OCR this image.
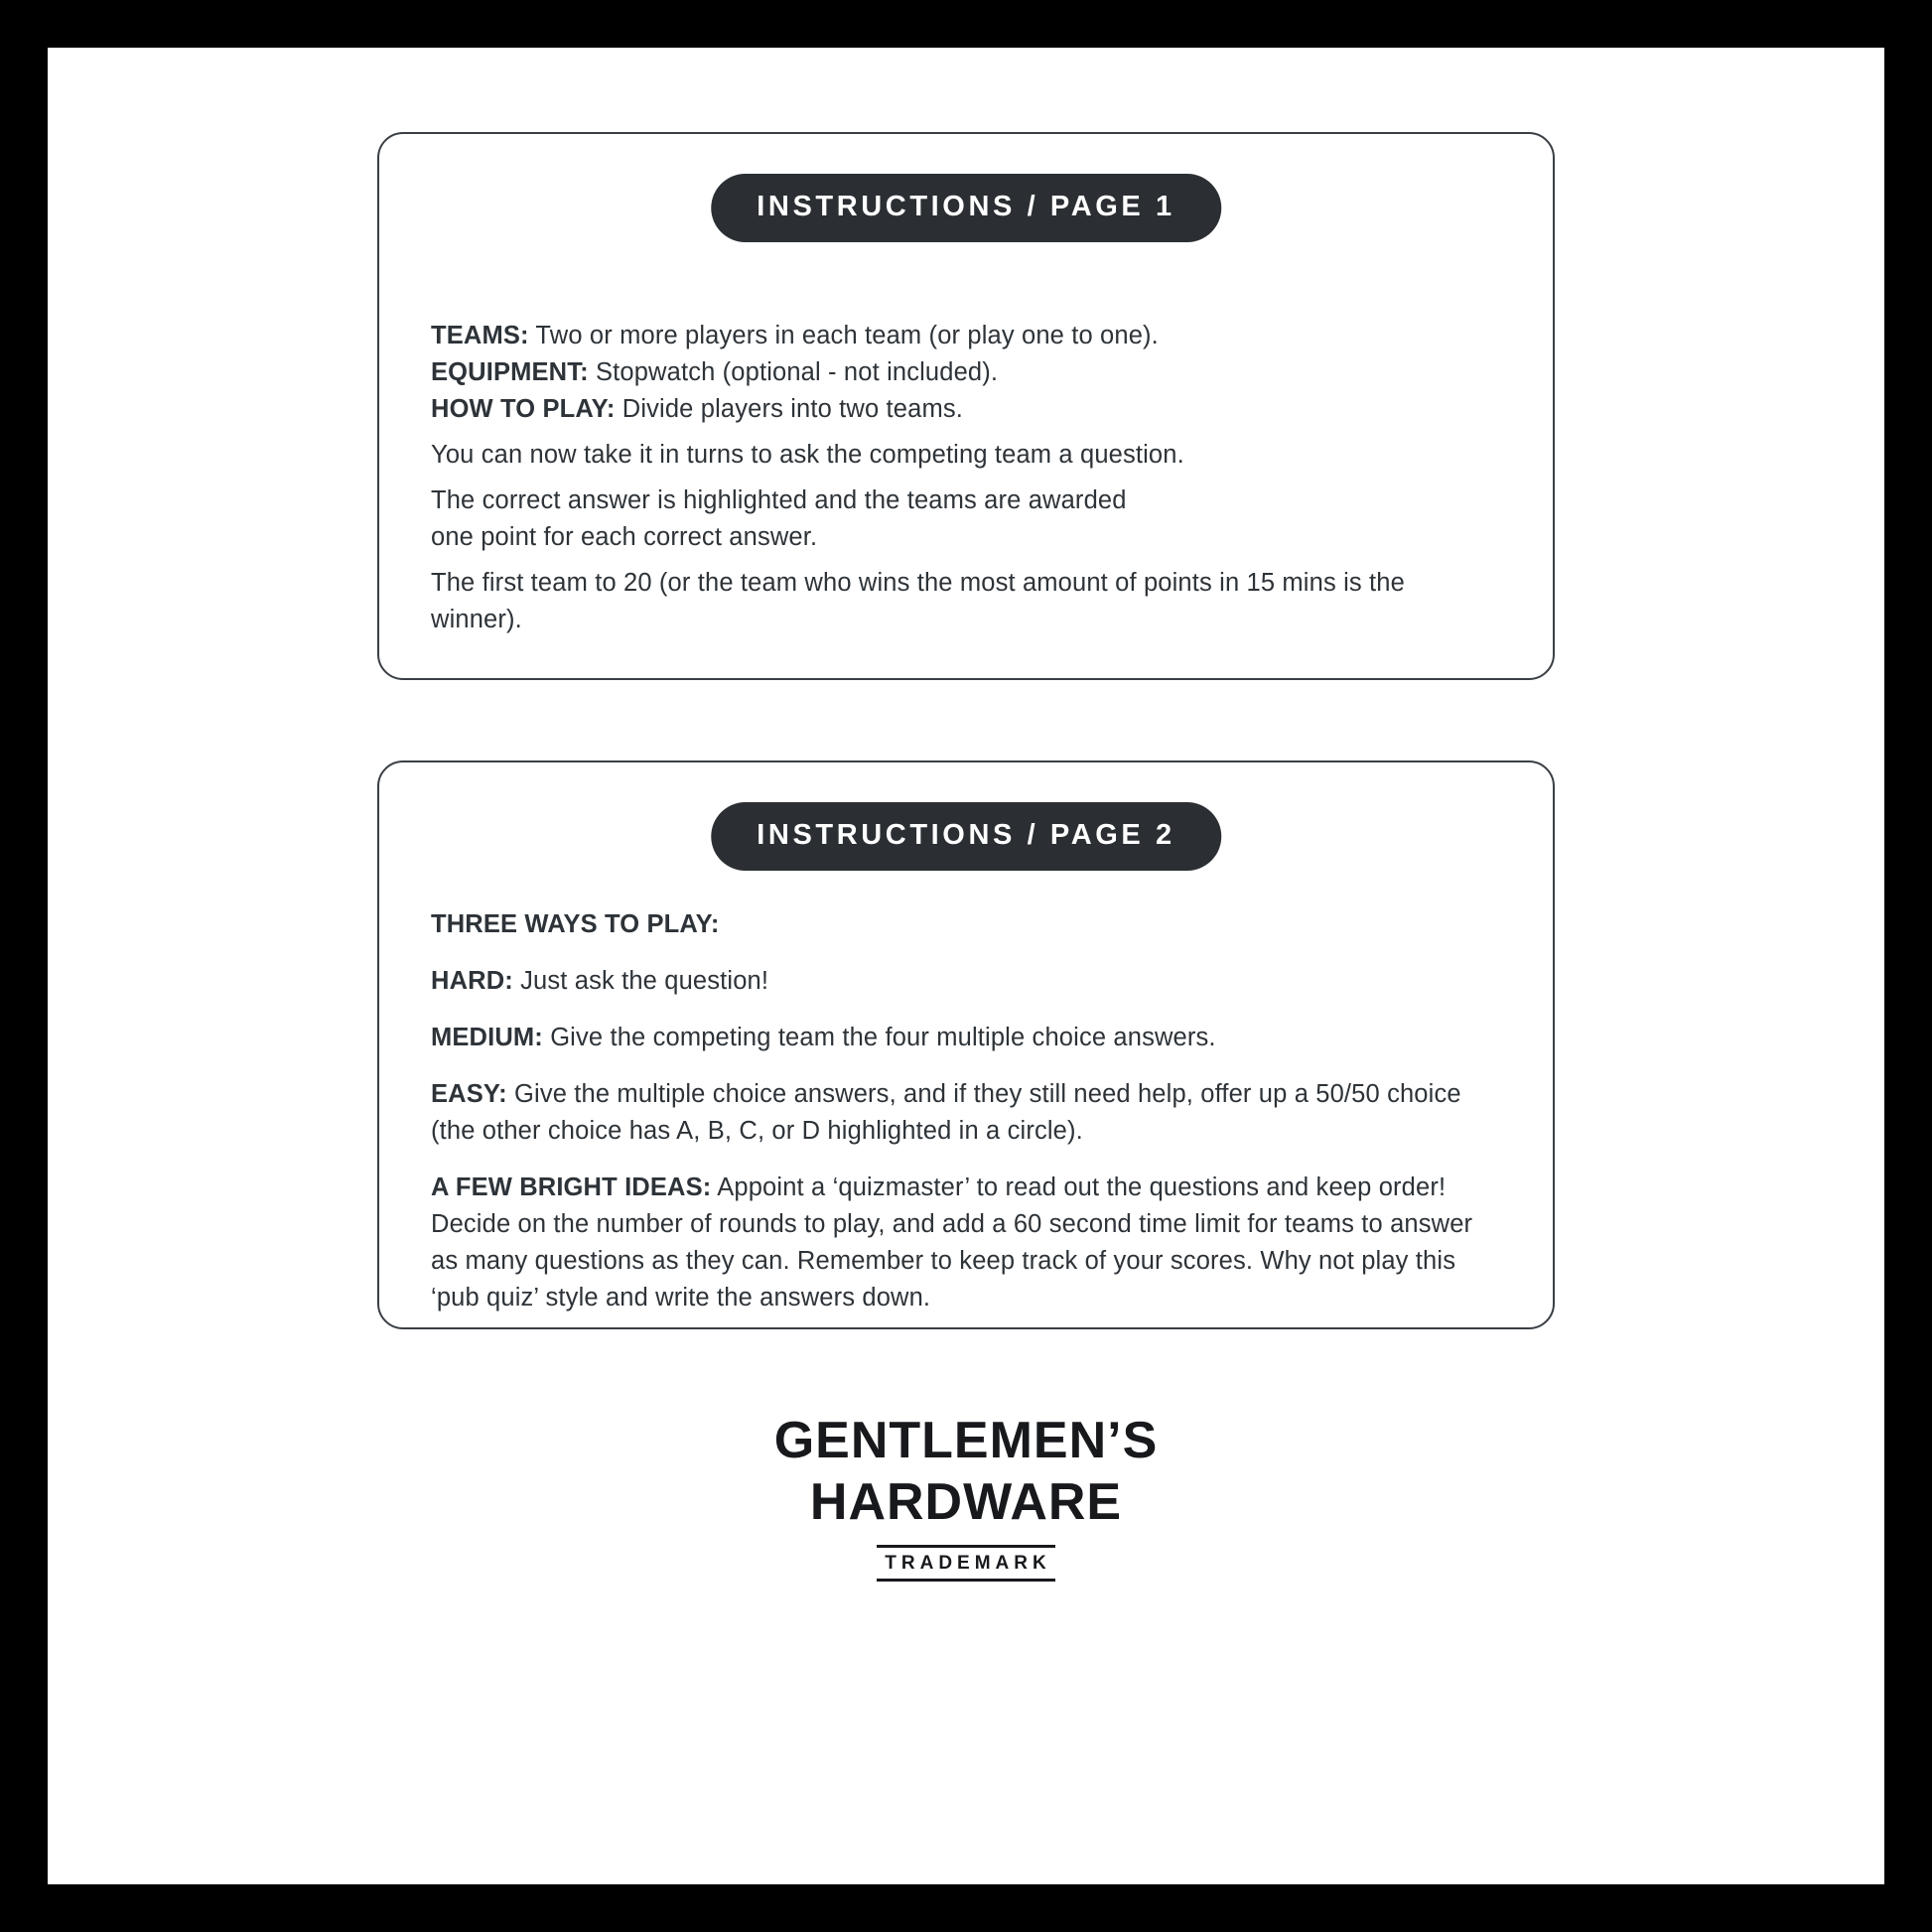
INSTRUCTIONS / PAGE 1
TEAMS: Two or more players in each team (or play one to one).
EQUIPMENT: Stopwatch (optional - not included).
HOW TO PLAY: Divide players into two teams.
You can now take it in turns to ask the competing team a question.
The correct answer is highlighted and the teams are awarded one point for each correct answer.
The first team to 20 (or the team who wins the most amount of points in 15 mins is the winner).
INSTRUCTIONS / PAGE 2
THREE WAYS TO PLAY:
HARD: Just ask the question!
MEDIUM: Give the competing team the four multiple choice answers.
EASY: Give the multiple choice answers, and if they still need help, offer up a 50/50 choice (the other choice has A, B, C, or D highlighted in a circle).
A FEW BRIGHT IDEAS: Appoint a ‘quizmaster’ to read out the questions and keep order! Decide on the number of rounds to play, and add a 60 second time limit for teams to answer as many questions as they can. Remember to keep track of your scores. Why not play this ‘pub quiz’ style and write the answers down.
GENTLEMEN’S
HARDWARE
TRADEMARK
